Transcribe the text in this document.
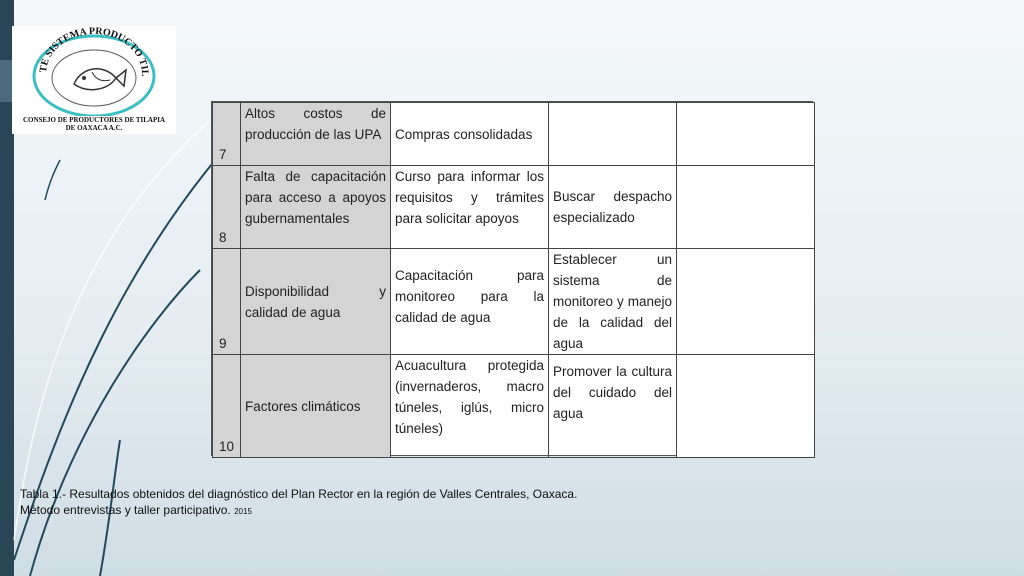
TE SISTEMA PRODUCTO TIL
CONSEJO DE PRODUCTORES DE TILAPIA
DE OAXACA A.C.
7	Altos costos de producción de las UPA	Compras consolidadas		
8	Falta de capacitación para acceso a apoyos gubernamentales	Curso para informar los requisitos y trámites para solicitar apoyos	Buscar despacho especializado	
9	Disponibilidad y calidad de agua	Capacitación para monitoreo para la calidad de agua	Establecer un sistema de monitoreo y manejo de la calidad del agua	
10	Factores climáticos	Acuacultura protegida (invernaderos, macro túneles, iglús, micro túneles)	Promover la cultura del cuidado del agua	
Tabla 1.- Resultados obtenidos del diagnóstico del Plan Rector en la región de Valles Centrales, Oaxaca.
Método entrevistas y taller participativo. 2015
